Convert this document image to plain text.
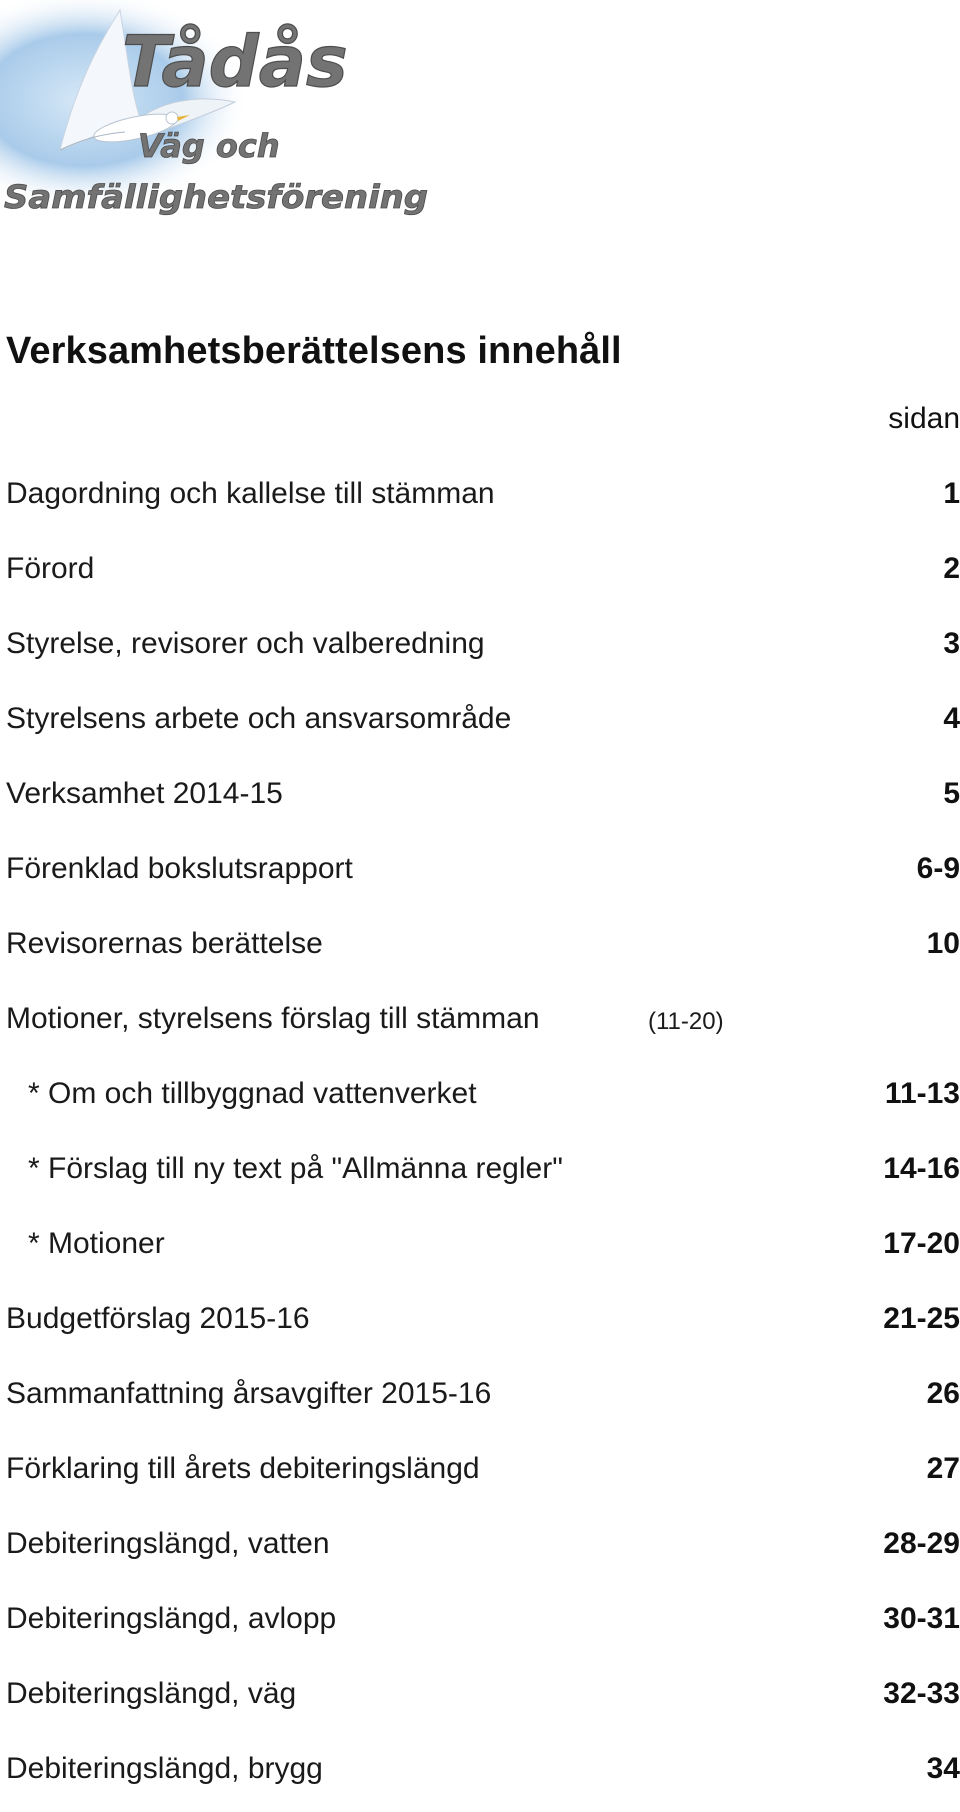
Tådås
Väg och
Samfällighetsförening
Verksamhetsberättelsens innehåll
sidan
Dagordning och kallelse till stämman	1
Förord	2
Styrelse, revisorer och valberedning	3
Styrelsens arbete och ansvarsområde	4
Verksamhet 2014-15	5
Förenklad bokslutsrapport	6-9
Revisorernas berättelse	10
Motioner, styrelsens förslag till stämman	(11-20)
* Om och tillbyggnad vattenverket	11-13
* Förslag till ny text på "Allmänna regler"	14-16
* Motioner	17-20
Budgetförslag 2015-16	21-25
Sammanfattning årsavgifter 2015-16	26
Förklaring till årets debiteringslängd	27
Debiteringslängd, vatten	28-29
Debiteringslängd, avlopp	30-31
Debiteringslängd, väg	32-33
Debiteringslängd, brygg	34
